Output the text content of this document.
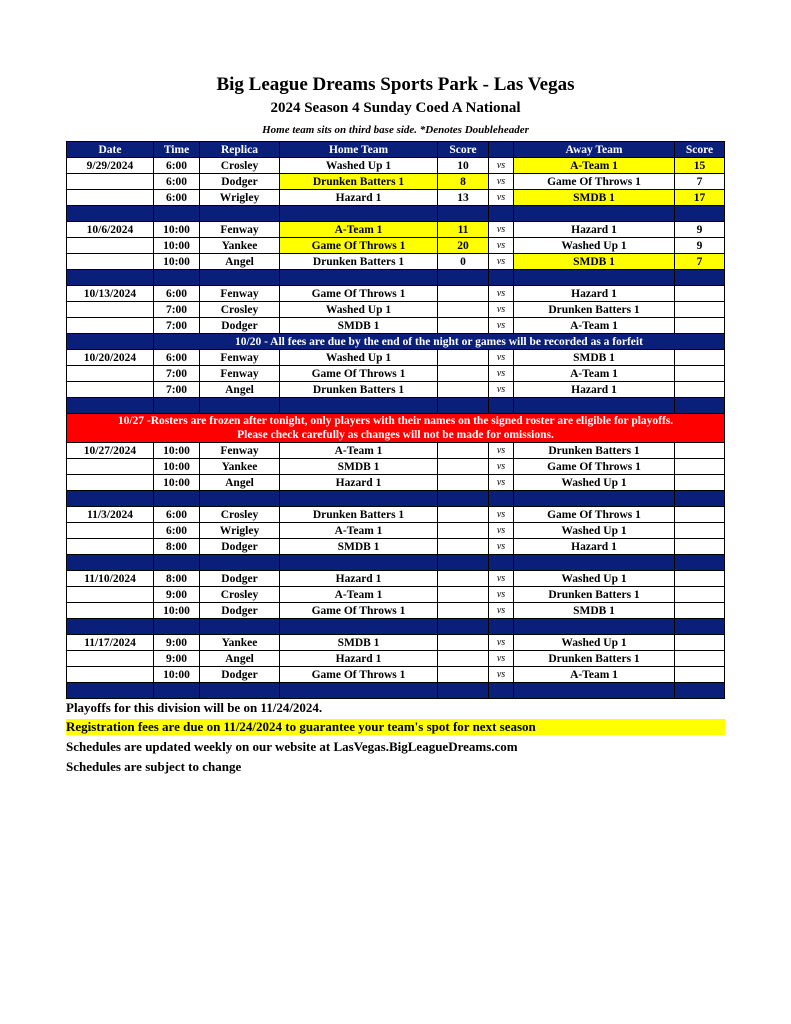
Big League Dreams Sports Park - Las Vegas
2024 Season 4 Sunday Coed A National
Home team sits on third base side. *Denotes Doubleheader
Date	Time	Replica	Home Team	Score		Away Team	Score
9/29/2024	6:00	Crosley	Washed Up 1	10	vs	A-Team 1	15
	6:00	Dodger	Drunken Batters 1	8	vs	Game Of Throws 1	7
	6:00	Wrigley	Hazard 1	13	vs	SMDB 1	17

10/6/2024	10:00	Fenway	A-Team 1	11	vs	Hazard 1	9
	10:00	Yankee	Game Of Throws 1	20	vs	Washed Up 1	9
	10:00	Angel	Drunken Batters 1	0	vs	SMDB 1	7

10/13/2024	6:00	Fenway	Game Of Throws 1		vs	Hazard 1	
	7:00	Crosley	Washed Up 1		vs	Drunken Batters 1	
	7:00	Dodger	SMDB 1		vs	A-Team 1	
	10/20 - All fees are due by the end of the night or games will be recorded as a forfeit						
10/20/2024	6:00	Fenway	Washed Up 1		vs	SMDB 1	
	7:00	Fenway	Game Of Throws 1		vs	A-Team 1	
	7:00	Angel	Drunken Batters 1		vs	Hazard 1	

10/27 -Rosters are frozen after tonight, only players with their names on the signed roster are eligible for playoffs.
Please check carefully as changes will not be made for omissions.							

10/27/2024	10:00	Fenway	A-Team 1		vs	Drunken Batters 1	
	10:00	Yankee	SMDB 1		vs	Game Of Throws 1	
	10:00	Angel	Hazard 1		vs	Washed Up 1	

11/3/2024	6:00	Crosley	Drunken Batters 1		vs	Game Of Throws 1	
	6:00	Wrigley	A-Team 1		vs	Washed Up 1	
	8:00	Dodger	SMDB 1		vs	Hazard 1	

11/10/2024	8:00	Dodger	Hazard 1		vs	Washed Up 1	
	9:00	Crosley	A-Team 1		vs	Drunken Batters 1	
	10:00	Dodger	Game Of Throws 1		vs	SMDB 1	

11/17/2024	9:00	Yankee	SMDB 1		vs	Washed Up 1	
	9:00	Angel	Hazard 1		vs	Drunken Batters 1	
	10:00	Dodger	Game Of Throws 1		vs	A-Team 1	

Playoffs for this division will be on 11/24/2024.
Registration fees are due on 11/24/2024 to guarantee your team's spot for next season
Schedules are updated weekly on our website at LasVegas.BigLeagueDreams.com
Schedules are subject to change
